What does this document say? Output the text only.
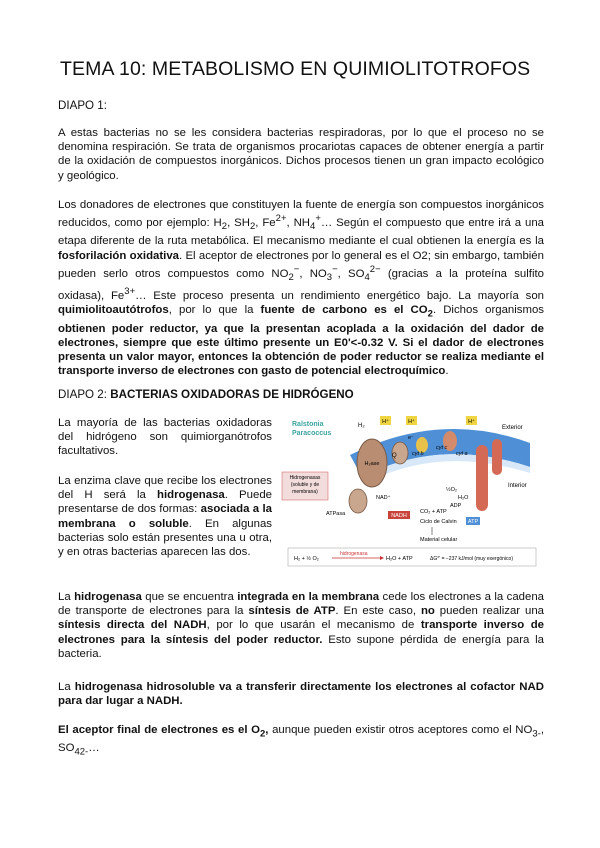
TEMA 10: METABOLISMO EN QUIMIOLITOTROFOS
DIAPO 1:
A estas bacterias no se les considera bacterias respiradoras, por lo que el proceso no se denomina respiración. Se trata de organismos procariotas capaces de obtener energía a partir de la oxidación de compuestos inorgánicos. Dichos procesos tienen un gran impacto ecológico y geológico.
Los donadores de electrones que constituyen la fuente de energía son compuestos inorgánicos reducidos, como por ejemplo: $H_2$, $SH_2$, $Fe^{2+}$, $NH_4^+\dots$ Según el compuesto que entre irá a una etapa diferente de la ruta metabólica. El mecanismo mediante el cual obtienen la energía es la fosforilación oxidativa. El aceptor de electrones por lo general es el O2; sin embargo, también pueden serlo otros compuestos como $NO_2^-$, $NO_3^-$, $SO_4^{2-}$ (gracias a la proteína sulfito oxidasa), $Fe^{3+}\dots$ Este proceso presenta un rendimiento energético bajo. La mayoría son quimiolitoautótrofos, por lo que la fuente de carbono es el $CO_2$. Dichos organismos obtienen poder reductor, ya que la presentan acoplada a la oxidación del dador de electrones, siempre que este último presente un E0'<-0.32 V. Si el dador de electrones presenta un valor mayor, entonces la obtención de poder reductor se realiza mediante el transporte inverso de electrones con gasto de potencial electroquímico.
DIAPO 2: BACTERIAS OXIDADORAS DE HIDRÓGENO
La mayoría de las bacterias oxidadoras del hidrógeno son quimiorganótrofos facultativos.
La enzima clave que recibe los electrones del H será la hidrogenasa. Puede presentarse de dos formas: asociada a la membrana o soluble. En algunas bacterias solo están presentes una u otra, y en otras bacterias aparecen las dos.
Ralstonia
Paracoccus
H₂ase
H₂
e⁻
Q	cyt b
cyt c
cyt a
H⁺	H⁺	H⁺
Exterior
Interior
Hidrogenasas
(soluble y de
membrana)
NAD⁺
NADH
ATPasa	CO₂ + ATP
ADP
½O₂
H₂O
Ciclo de Calvin ATP
Material celular
H₂ + ½ O₂
hidrogenasa
H₂O + ATP	ΔG°' = −237 kJ/mol (muy exergónico)
La hidrogenasa que se encuentra integrada en la membrana cede los electrones a la cadena de transporte de electrones para la síntesis de ATP. En este caso, no pueden realizar una síntesis directa del NADH, por lo que usarán el mecanismo de transporte inverso de electrones para la síntesis del poder reductor. Esto supone pérdida de energía para la bacteria.
La hidrogenasa hidrosoluble va a transferir directamente los electrones al cofactor NAD para dar lugar a NADH.
El aceptor final de electrones es el $O_2$, aunque pueden existir otros aceptores como el $NO_{3-}$, $SO_{42-}\dots$
